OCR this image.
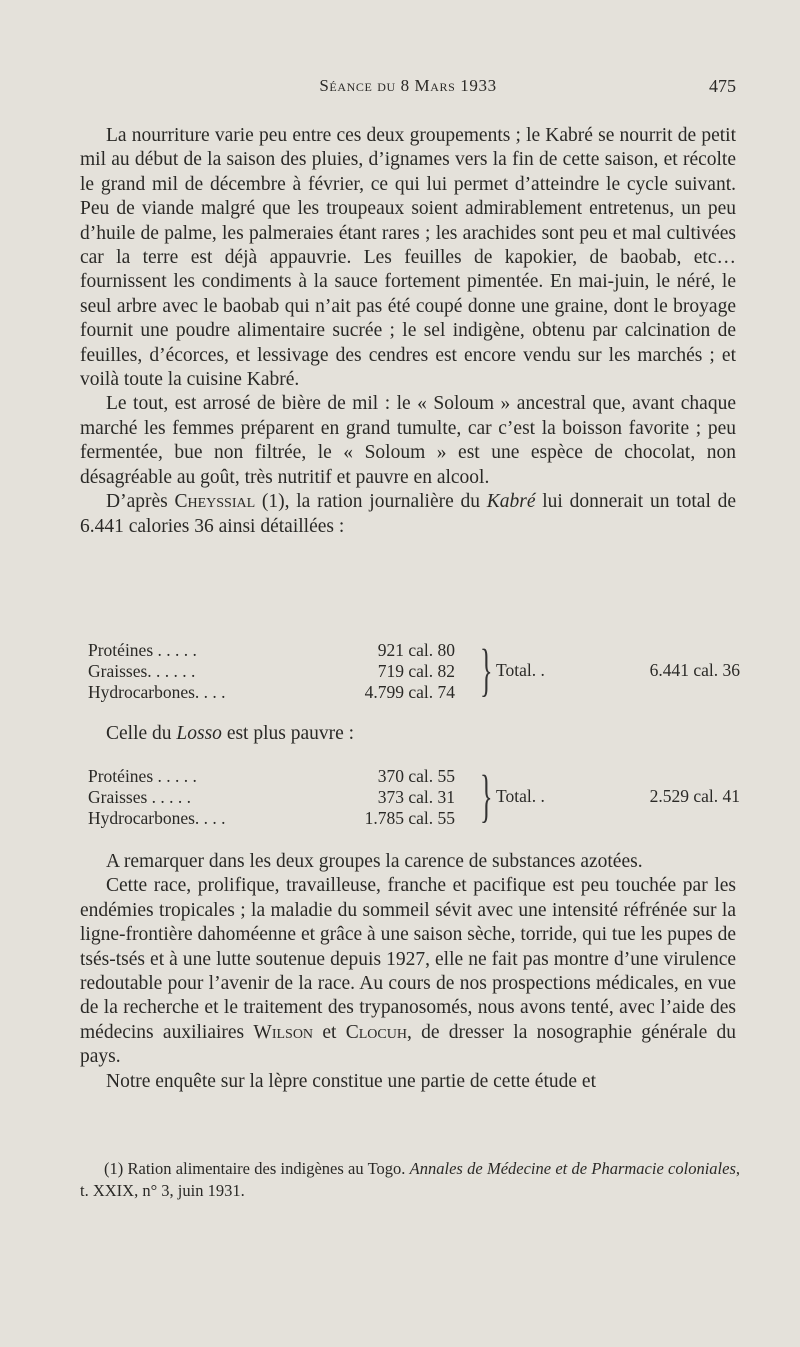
Séance du 8 Mars 1933	475

La nourriture varie peu entre ces deux groupements ; le Kabré se nourrit de petit mil au début de la saison des pluies, d’ignames vers la fin de cette saison, et récolte le grand mil de décembre à février, ce qui lui permet d’atteindre le cycle suivant. Peu de viande malgré que les troupeaux soient admirablement entretenus, un peu d’huile de palme, les palmeraies étant rares ; les arachides sont peu et mal cultivées car la terre est déjà appauvrie. Les feuilles de kapokier, de baobab, etc… fournissent les condiments à la sauce fortement pimentée. En mai-juin, le néré, le seul arbre avec le baobab qui n’ait pas été coupé donne une graine, dont le broyage fournit une poudre alimentaire sucrée ; le sel indigène, obtenu par calcination de feuilles, d’écorces, et lessivage des cendres est encore vendu sur les marchés ; et voilà toute la cuisine Kabré.

Le tout, est arrosé de bière de mil : le « Soloum » ancestral que, avant chaque marché les femmes préparent en grand tumulte, car c’est la boisson favorite ; peu fermentée, bue non filtrée, le « Soloum » est une espèce de chocolat, non désagréable au goût, très nutritif et pauvre en alcool.

D’après Cheyssial (1), la ration journalière du Kabré lui donnerait un total de 6.441 calories 36 ainsi détaillées :

Protéines . . . . .	921 cal. 80
Graisses. . . . . .	719 cal. 82
Hydrocarbones. . . .	4.799 cal. 74 } Total. .	6.441 cal. 36

Celle du Losso est plus pauvre :

Protéines . . . . .	370 cal. 55
Graisses . . . . .	373 cal. 31
Hydrocarbones. . . .	1.785 cal. 55 } Total. .	2.529 cal. 41

A remarquer dans les deux groupes la carence de substances azotées.

Cette race, prolifique, travailleuse, franche et pacifique est peu touchée par les endémies tropicales ; la maladie du sommeil sévit avec une intensité réfrénée sur la ligne-frontière dahoméenne et grâce à une saison sèche, torride, qui tue les pupes de tsés-tsés et à une lutte soutenue depuis 1927, elle ne fait pas montre d’une virulence redoutable pour l’avenir de la race. Au cours de nos prospections médicales, en vue de la recherche et le traitement des trypanosomés, nous avons tenté, avec l’aide des médecins auxiliaires Wilson et Clocuh, de dresser la nosographie générale du pays.

Notre enquête sur la lèpre constitue une partie de cette étude et

(1) Ration alimentaire des indigènes au Togo. Annales de Médecine et de Pharmacie coloniales, t. XXIX, n° 3, juin 1931.
